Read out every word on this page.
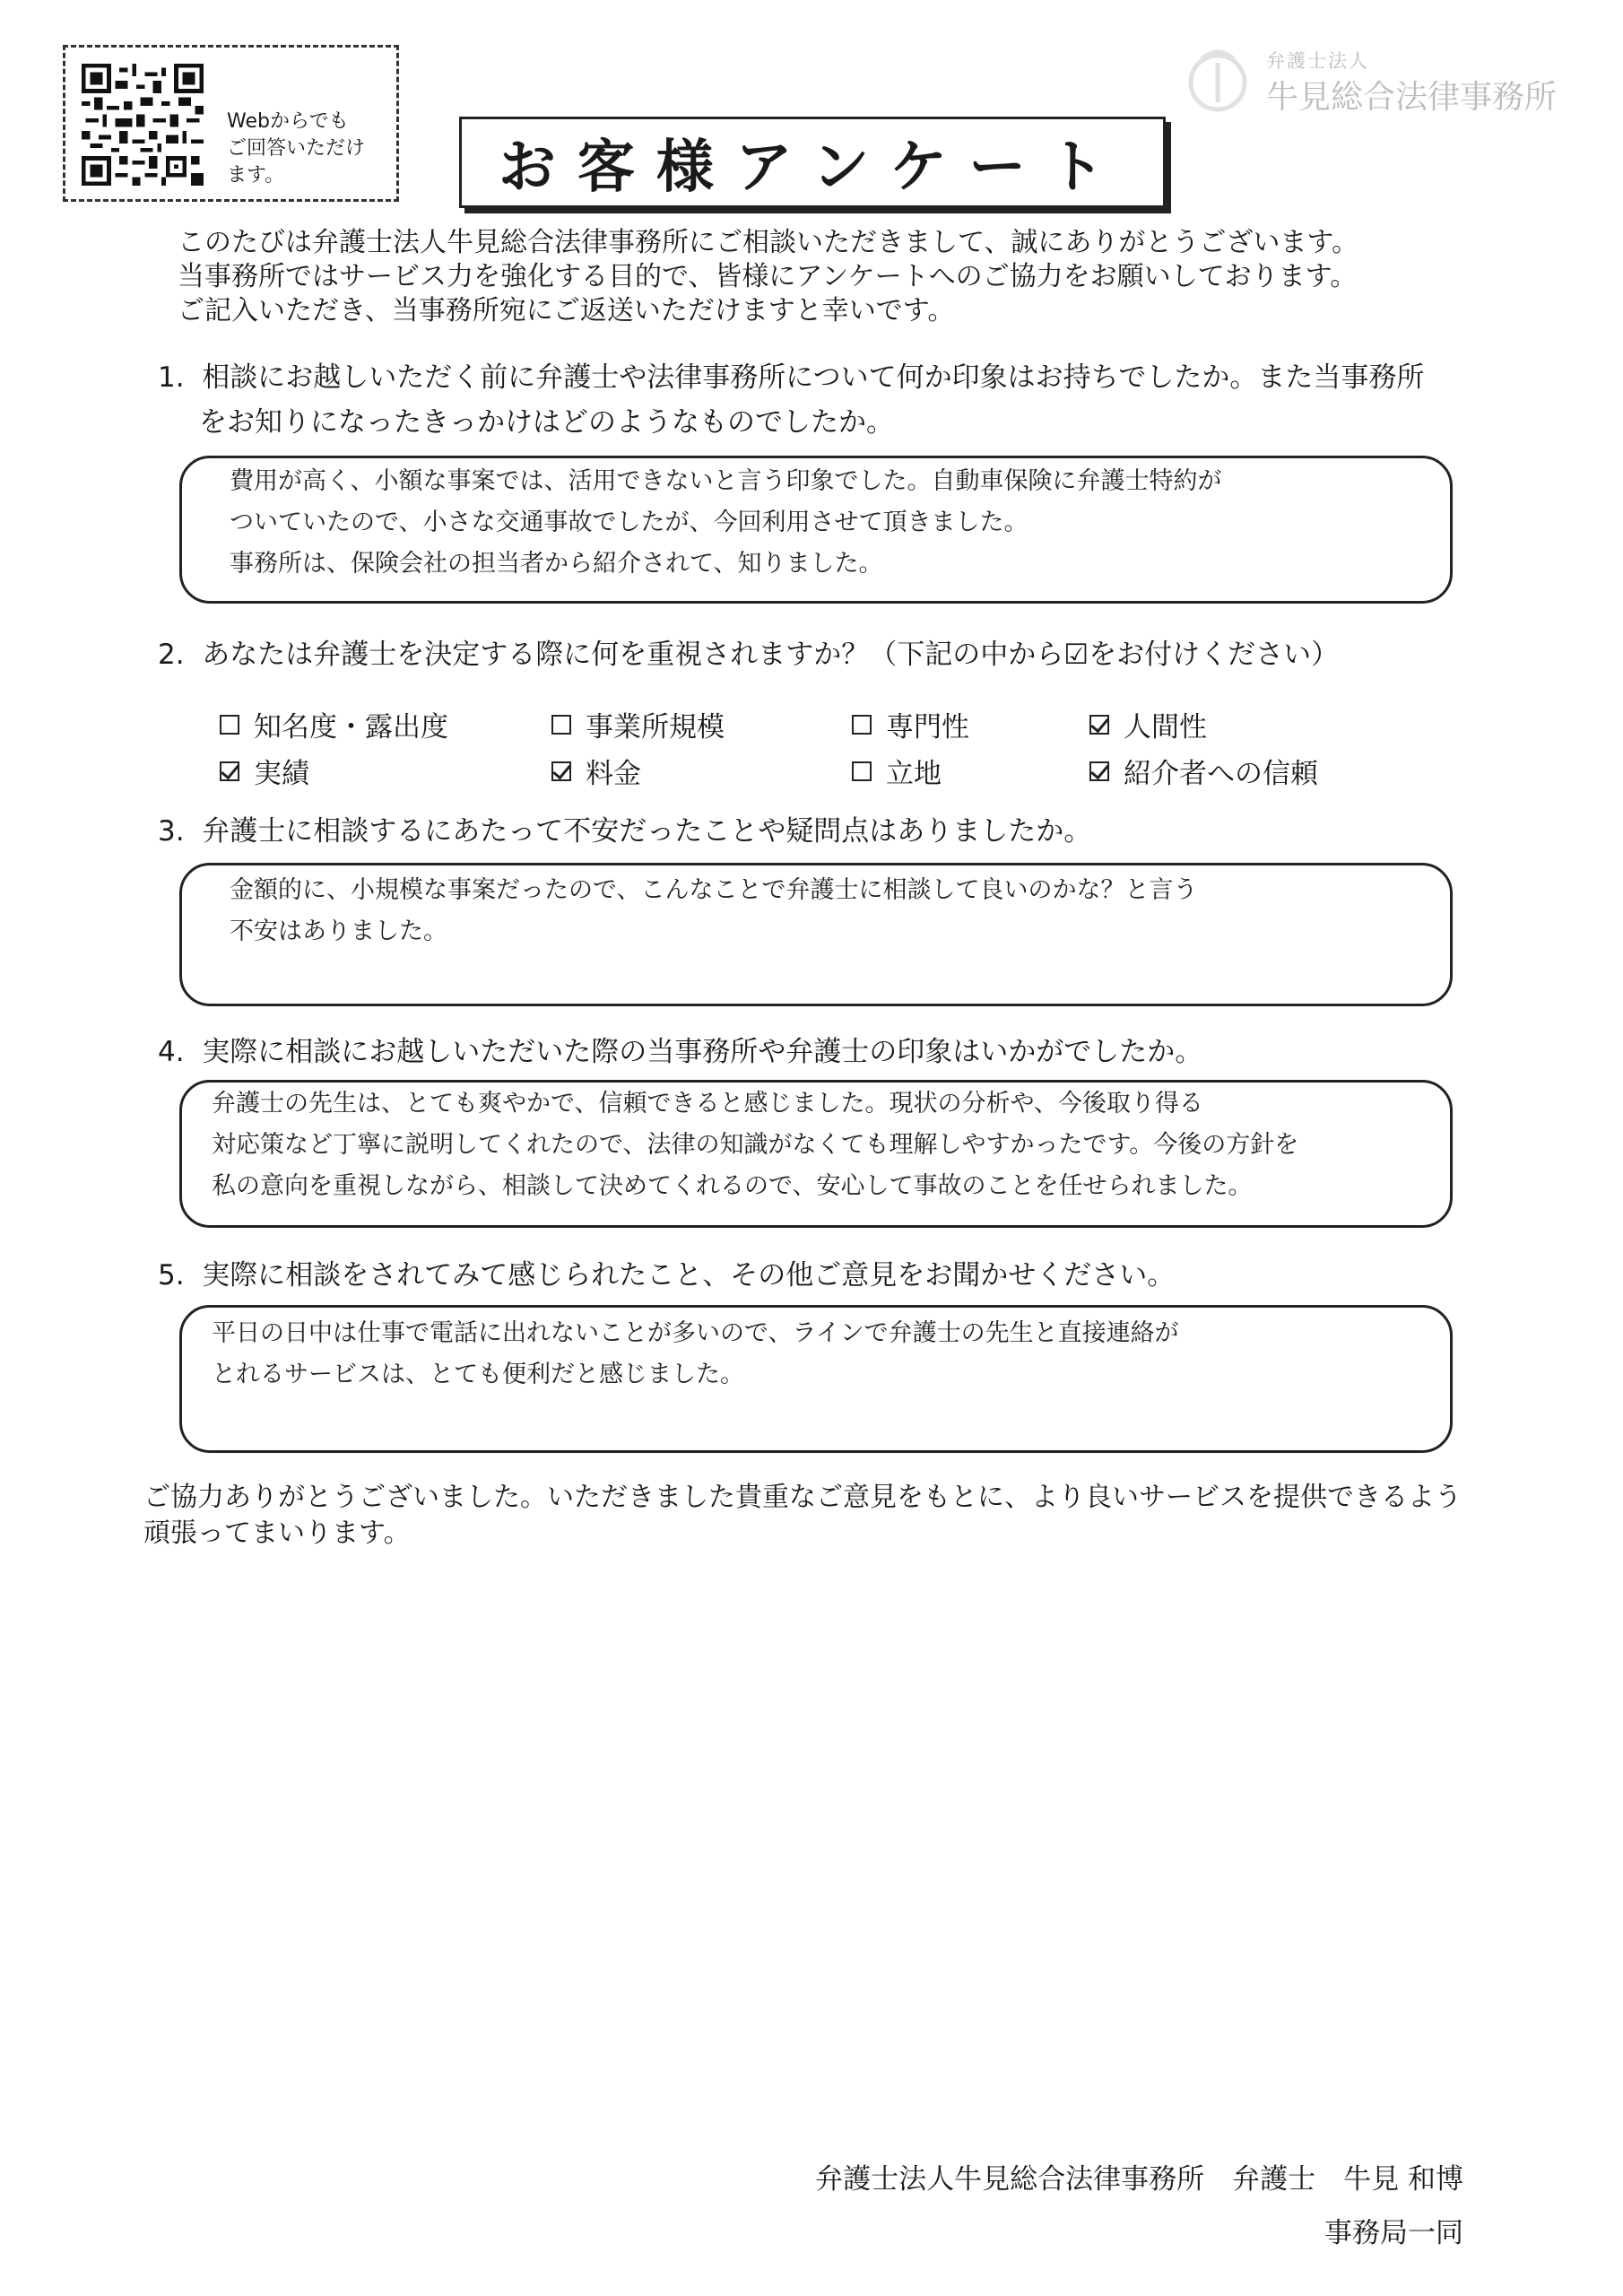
Webからでも
ご回答いただけ
ます。
弁護士法人
牛見総合法律事務所
お客様アンケート

このたびは弁護士法人牛見総合法律事務所にご相談いただきまして、誠にありがとうございます。

当事務所ではサービス力を強化する目的で、皆様にアンケートへのご協力をお願いしております。

ご記入いただき、当事務所宛にご返送いただけますと幸いです。

1. 相談にお越しいただく前に弁護士や法律事務所について何か印象はお持ちでしたか。また当事務所
をお知りになったきっかけはどのようなものでしたか。

費用が高く、小額な事案では、活用できないと言う印象でした。自動車保険に弁護士特約が

ついていたので、小さな交通事故でしたが、今回利用させて頂きました。

事務所は、保険会社の担当者から紹介されて、知りました。

2. あなたは弁護士を決定する際に何を重視されますか？（下記の中から☑をお付けください）
知名度・露出度	事業所規模	専門性	人間性
実績	料金	立地	紹介者への信頼
3. 弁護士に相談するにあたって不安だったことや疑問点はありましたか。

金額的に、小規模な事案だったので、こんなことで弁護士に相談して良いのかな？と言う

不安はありました。

4. 実際に相談にお越しいただいた際の当事務所や弁護士の印象はいかがでしたか。

弁護士の先生は、とても爽やかで、信頼できると感じました。現状の分析や、今後取り得る

対応策など丁寧に説明してくれたので、法律の知識がなくても理解しやすかったです。今後の方針を

私の意向を重視しながら、相談して決めてくれるので、安心して事故のことを任せられました。

5. 実際に相談をされてみて感じられたこと、その他ご意見をお聞かせください。

平日の日中は仕事で電話に出れないことが多いので、ラインで弁護士の先生と直接連絡が

とれるサービスは、とても便利だと感じました。

ご協力ありがとうございました。いただきました貴重なご意見をもとに、より良いサービスを提供できるよう

頑張ってまいります。

弁護士法人牛見総合法律事務所　弁護士　牛見 和博

事務局一同
